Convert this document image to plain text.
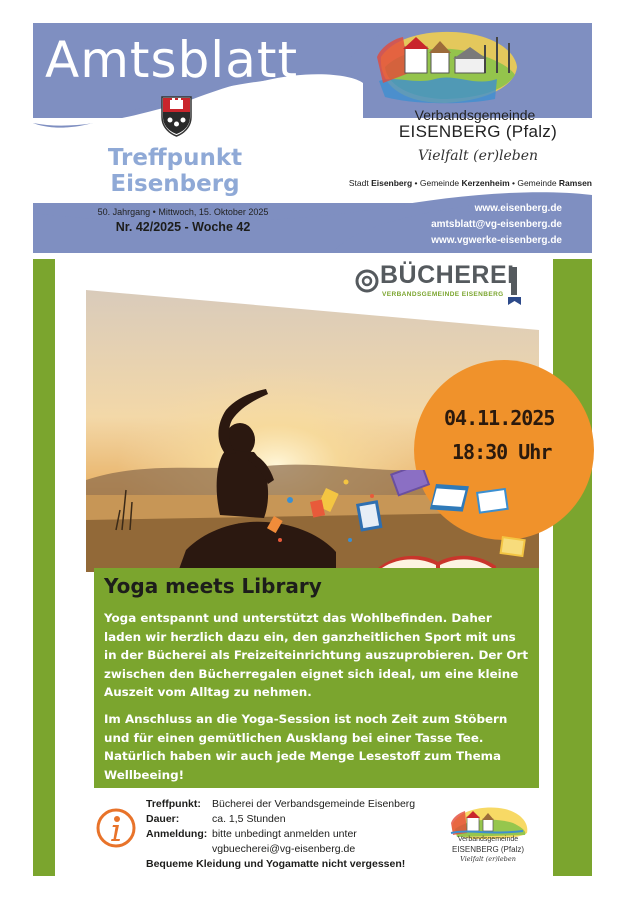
Amtsblatt
Treffpunkt
Eisenberg
50. Jahrgang • Mittwoch, 15. Oktober 2025
Nr. 42/2025 - Woche 42
Verbandsgemeinde
EISENBERG (Pfalz)
Vielfalt (er)leben
Stadt Eisenberg • Gemeinde Kerzenheim • Gemeinde Ramsen
www.eisenberg.de
amtsblatt@vg-eisenberg.de
www.vgwerke-eisenberg.de
BÜCHEREI
VERBANDSGEMEINDE EISENBERG
04.11.2025
18:30 Uhr
Yoga meets Library
Yoga entspannt und unterstützt das Wohlbefinden. Daher laden wir herzlich dazu ein, den ganzheitlichen Sport mit uns in der Bücherei als Freizeiteinrichtung auszuprobieren. Der Ort zwischen den Bücherregalen eignet sich ideal, um eine kleine Auszeit vom Alltag zu nehmen.
Im Anschluss an die Yoga-Session ist noch Zeit zum Stöbern und für einen gemütlichen Ausklang bei einer Tasse Tee. Natürlich haben wir auch jede Menge Lesestoff zum Thema Wellbeeing!
Treffpunkt: Bücherei der Verbandsgemeinde Eisenberg
Dauer:	ca. 1,5 Stunden
Anmeldung: bitte unbedingt anmelden unter
vgbuecherei@vg-eisenberg.de
Bequeme Kleidung und Yogamatte nicht vergessen!
Verbandsgemeinde
EISENBERG (Pfalz)
Vielfalt (er)leben
